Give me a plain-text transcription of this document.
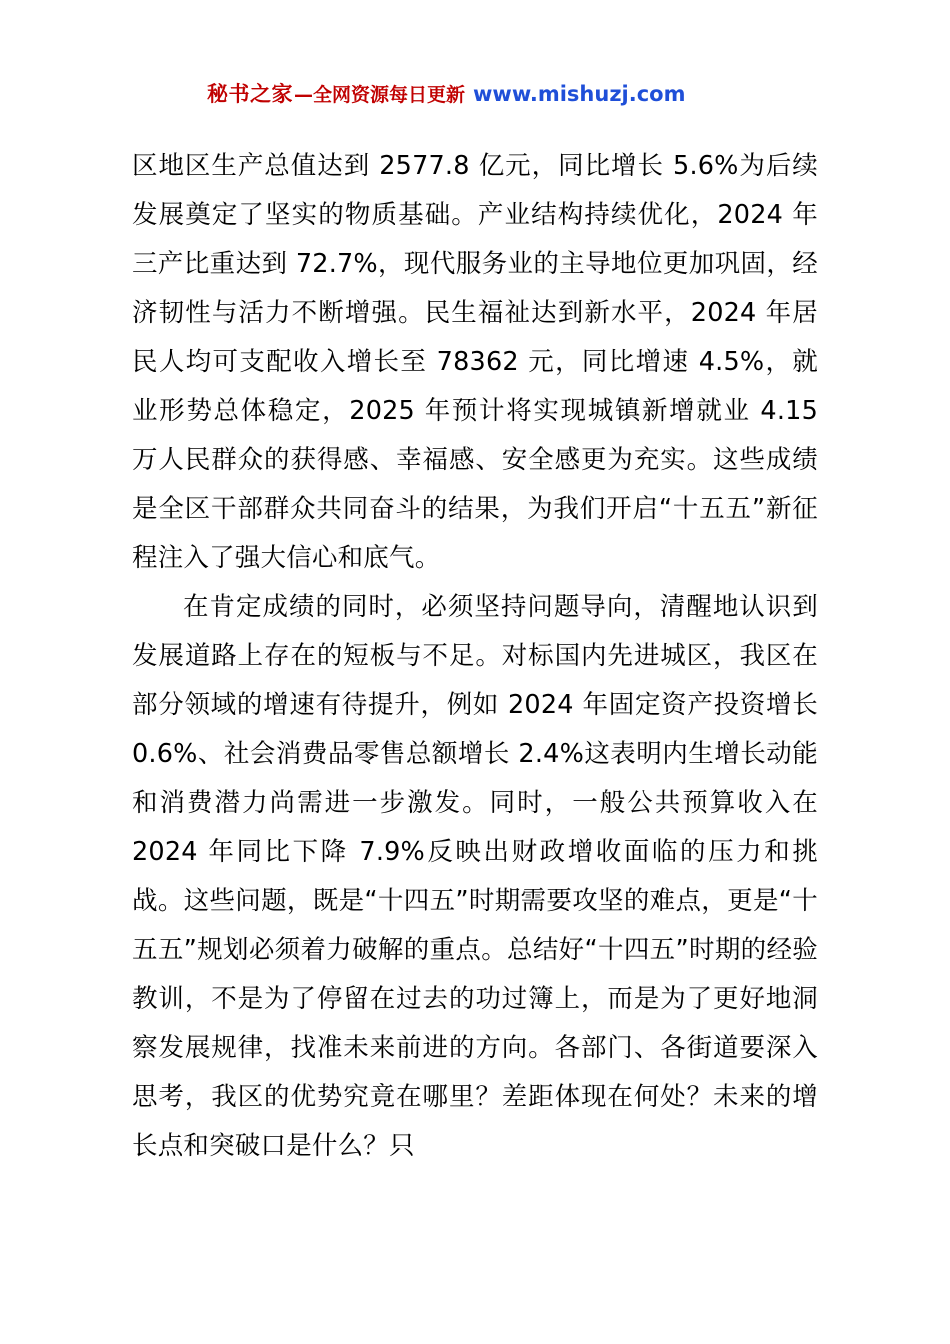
秘书之家 —全网资源每日更新 www.mishuzj.com

区地区生产总值达到 2577.8 亿元，同比增长 5.6%为后续发展奠定了坚实的物质基础。产业结构持续优化，2024 年三产比重达到 72.7%，现代服务业的主导地位更加巩固，经济韧性与活力不断增强。民生福祉达到新水平，2024 年居民人均可支配收入增长至 78362 元，同比增速 4.5%，就业形势总体稳定，2025 年预计将实现城镇新增就业 4.15 万人民群众的获得感、幸福感、安全感更为充实。这些成绩是全区干部群众共同奋斗的结果，为我们开启“十五五”新征程注入了强大信心和底气。

在肯定成绩的同时，必须坚持问题导向，清醒地认识到发展道路上存在的短板与不足。对标国内先进城区，我区在部分领域的增速有待提升，例如 2024 年固定资产投资增长 0.6%、社会消费品零售总额增长 2.4%这表明内生增长动能和消费潜力尚需进一步激发。同时，一般公共预算收入在 2024 年同比下降 7.9%反映出财政增收面临的压力和挑战。这些问题，既是“十四五”时期需要攻坚的难点，更是“十五五”规划必须着力破解的重点。总结好“十四五”时期的经验教训，不是为了停留在过去的功过簿上，而是为了更好地洞察发展规律，找准未来前进的方向。各部门、各街道要深入思考，我区的优势究竟在哪里？差距体现在何处？未来的增长点和突破口是什么？只
